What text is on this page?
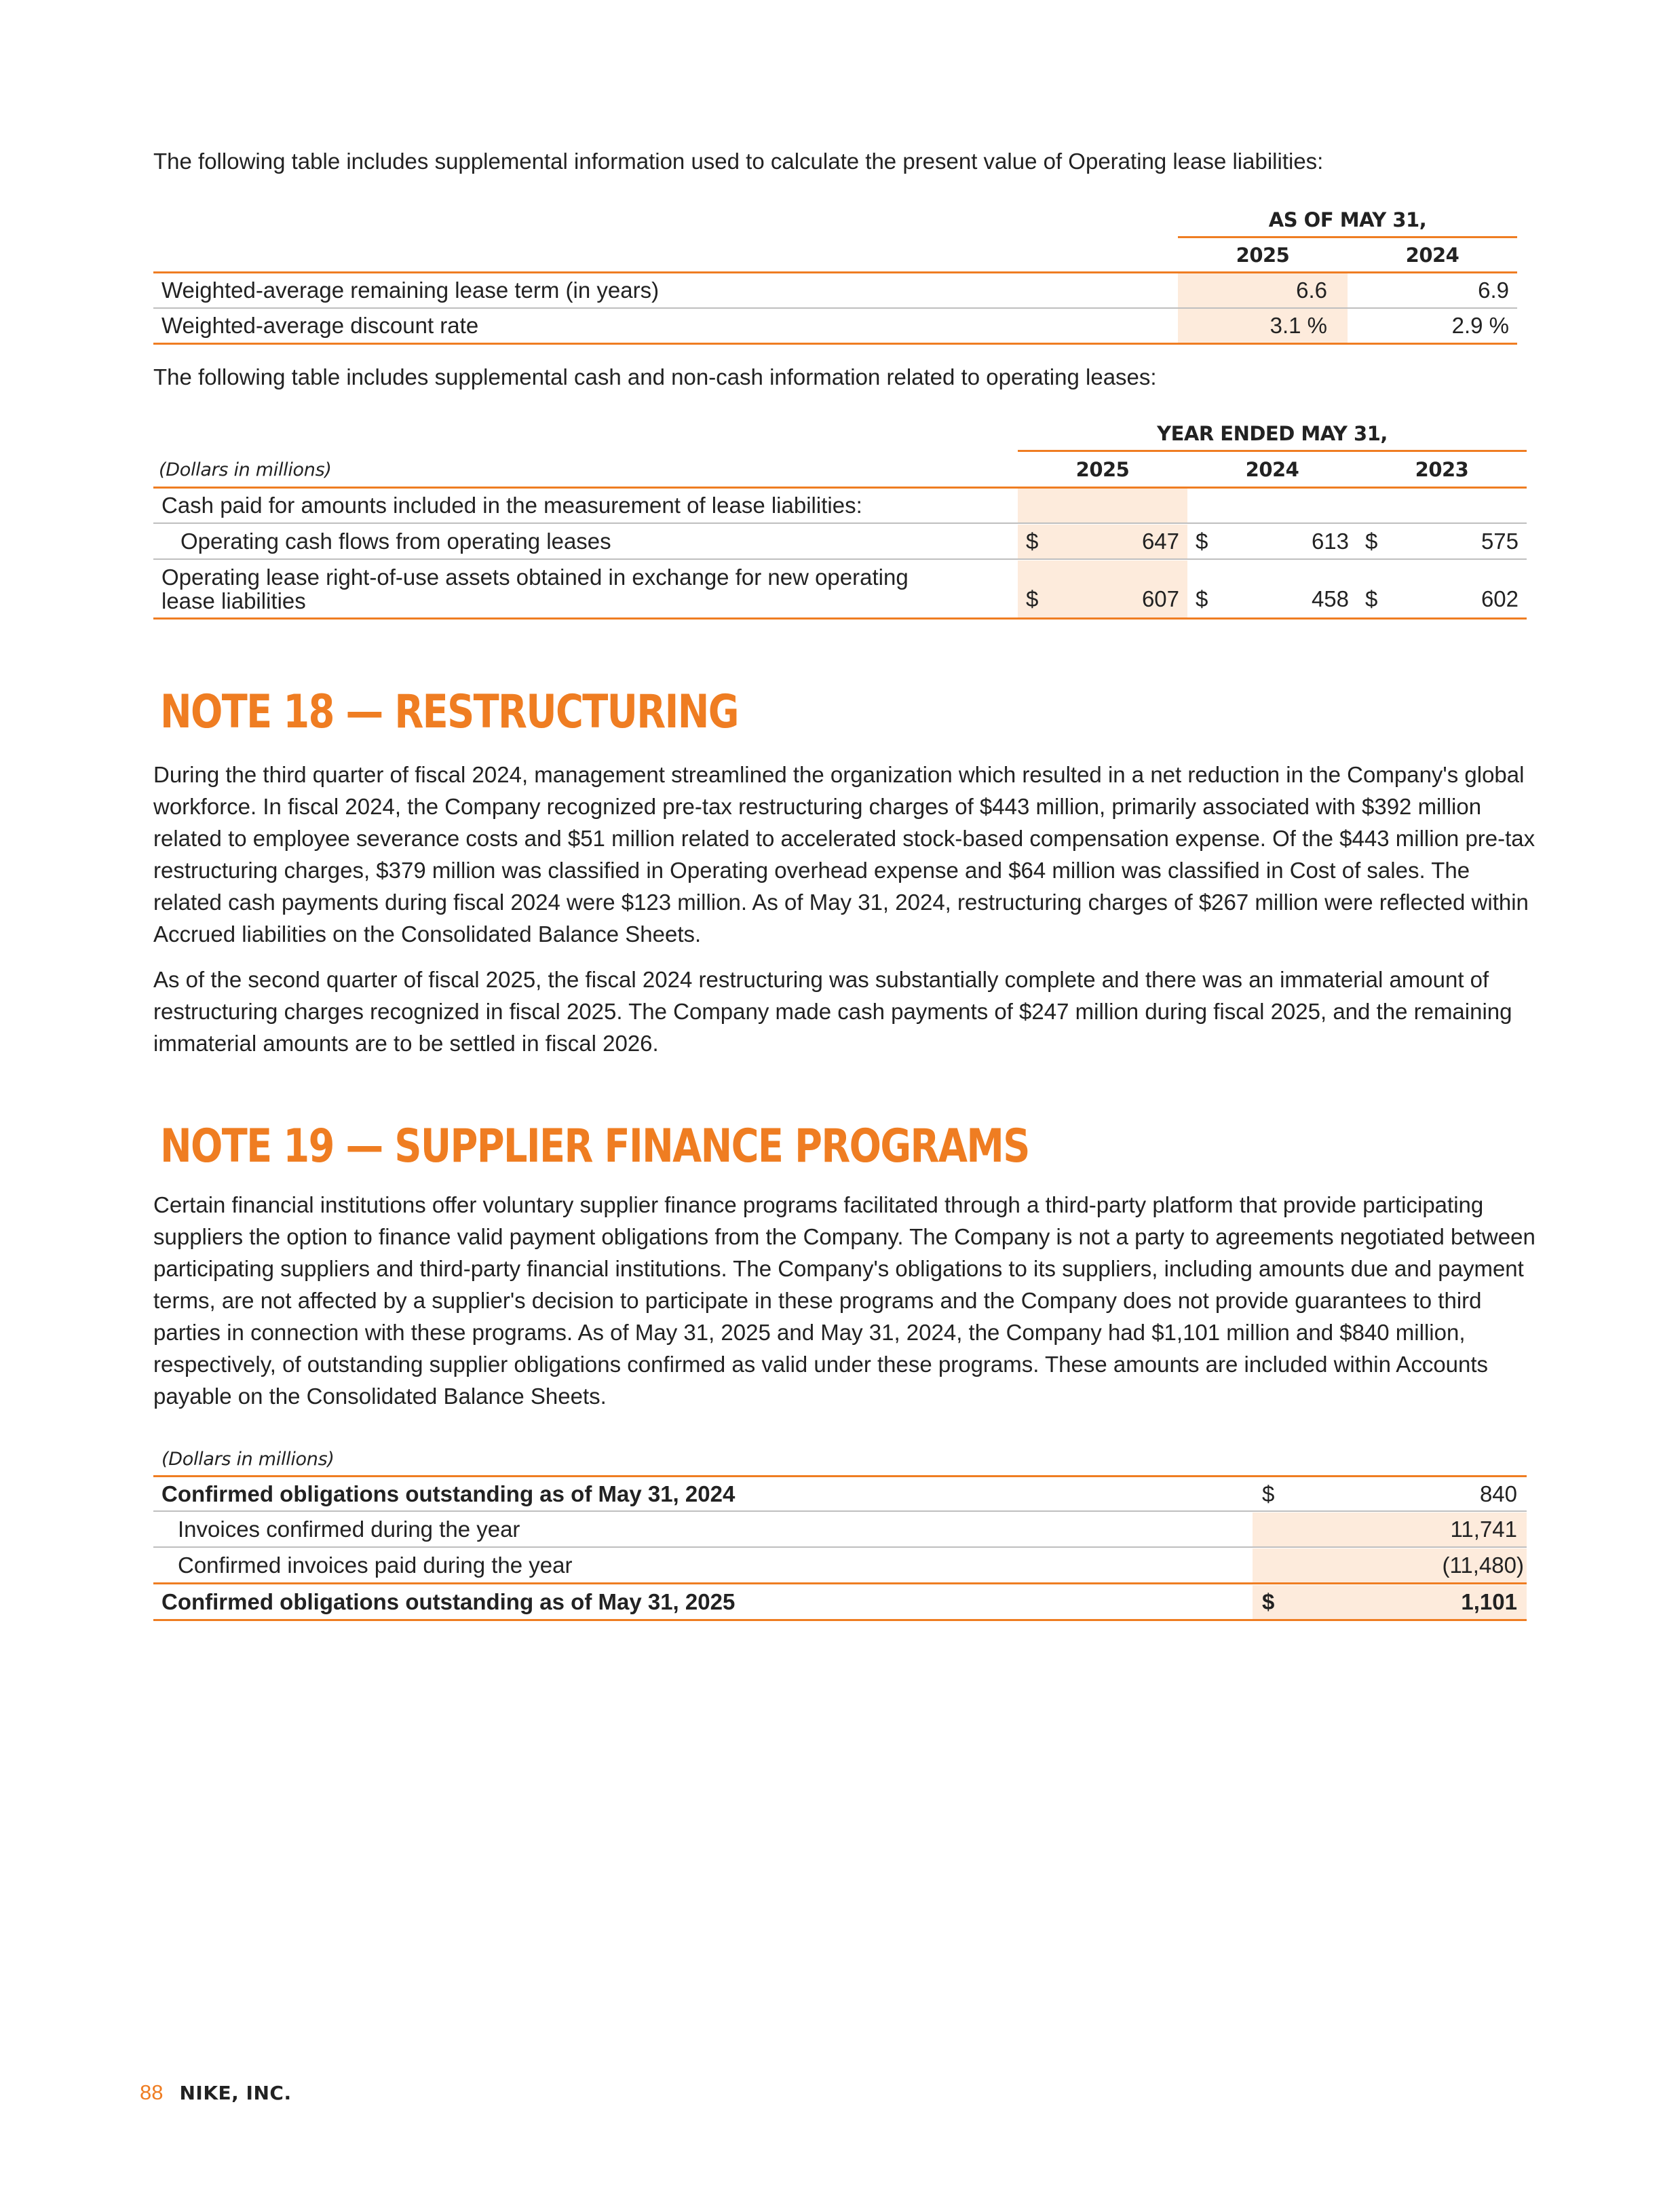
The following table includes supplemental information used to calculate the present value of Operating lease liabilities:

AS OF MAY 31,
2025	2024
Weighted-average remaining lease term (in years)	6.6	6.9
Weighted-average discount rate	3.1 %	2.9 %

The following table includes supplemental cash and non-cash information related to operating leases:

YEAR ENDED MAY 31,
(Dollars in millions)	2025	2024	2023
Cash paid for amounts included in the measurement of lease liabilities:
Operating cash flows from operating leases	$	647 $	613 $	575
Operating lease right-of-use assets obtained in exchange for new operating
lease liabilities	$	607 $	458 $	602
NOTE 18 — RESTRUCTURING

During the third quarter of fiscal 2024, management streamlined the organization which resulted in a net reduction in the Company's global workforce. In fiscal 2024, the Company recognized pre-tax restructuring charges of $443 million, primarily associated with $392 million related to employee severance costs and $51 million related to accelerated stock-based compensation expense. Of the $443 million pre-tax restructuring charges, $379 million was classified in Operating overhead expense and $64 million was classified in Cost of sales. The related cash payments during fiscal 2024 were $123 million. As of May 31, 2024, restructuring charges of $267 million were reflected within Accrued liabilities on the Consolidated Balance Sheets.

As of the second quarter of fiscal 2025, the fiscal 2024 restructuring was substantially complete and there was an immaterial amount of restructuring charges recognized in fiscal 2025. The Company made cash payments of $247 million during fiscal 2025, and the remaining immaterial amounts are to be settled in fiscal 2026.

NOTE 19 — SUPPLIER FINANCE PROGRAMS

Certain financial institutions offer voluntary supplier finance programs facilitated through a third-party platform that provide participating suppliers the option to finance valid payment obligations from the Company. The Company is not a party to agreements negotiated between participating suppliers and third-party financial institutions. The Company's obligations to its suppliers, including amounts due and payment terms, are not affected by a supplier's decision to participate in these programs and the Company does not provide guarantees to third parties in connection with these programs. As of May 31, 2025 and May 31, 2024, the Company had $1,101 million and $840 million, respectively, of outstanding supplier obligations confirmed as valid under these programs. These amounts are included within Accounts payable on the Consolidated Balance Sheets.

(Dollars in millions)
Confirmed obligations outstanding as of May 31, 2024	$	840
Invoices confirmed during the year	11,741
Confirmed invoices paid during the year	(11,480)
Confirmed obligations outstanding as of May 31, 2025	$	1,101
88 NIKE, INC.
